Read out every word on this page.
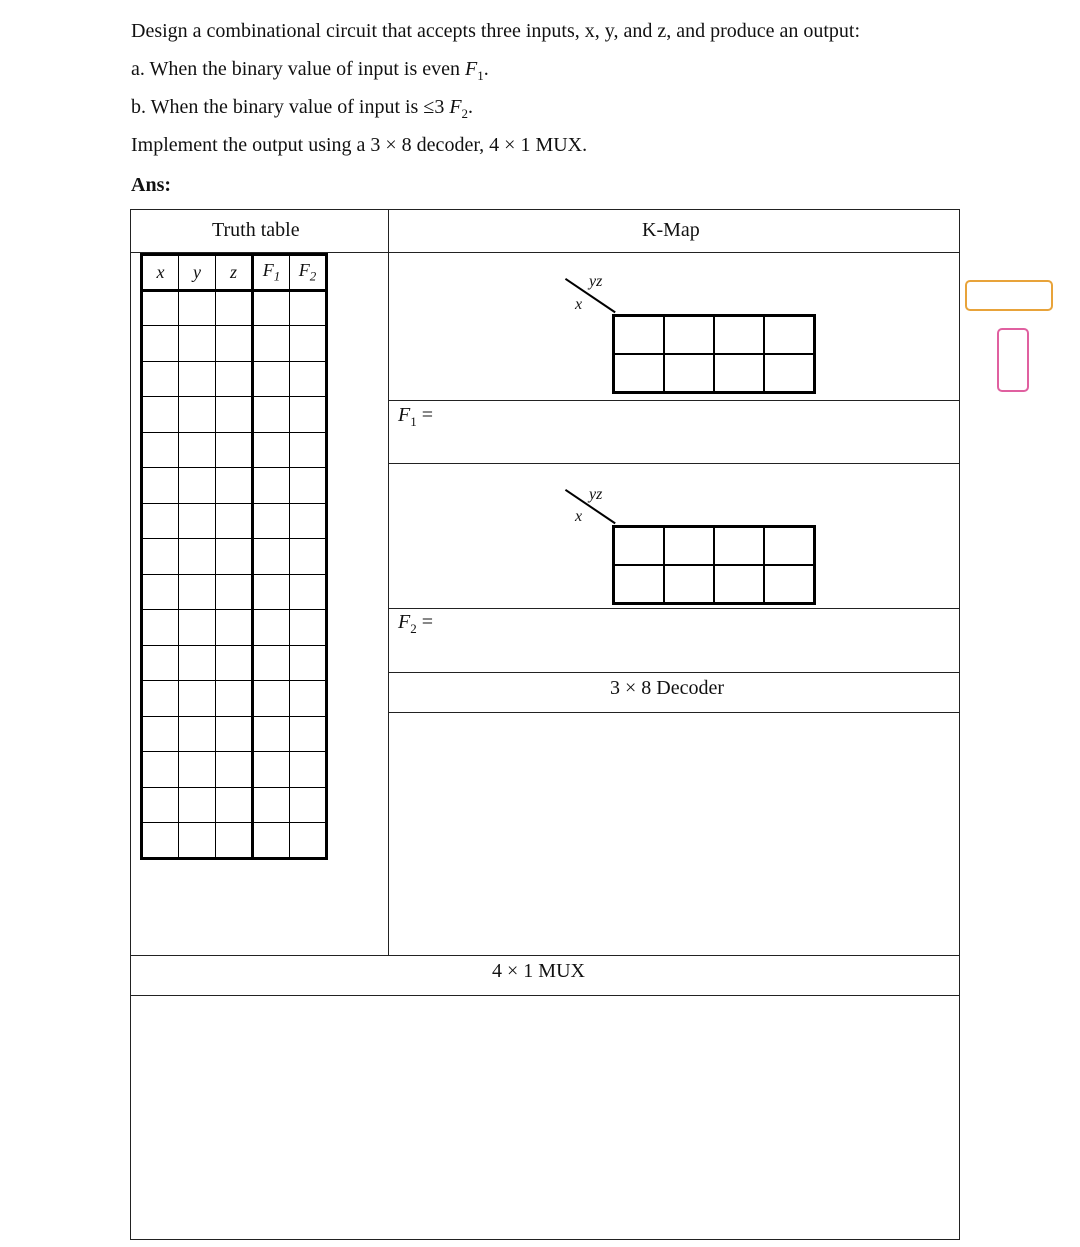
Design a combinational circuit that accepts three inputs, x, y, and z, and produce an output:
a. When the binary value of input is even $F_1$.
b. When the binary value of input is ≤3 $F_2$.
Implement the output using a 3 × 8 decoder, 4 × 1 MUX.
Ans:
Truth table	K-Map
3 × 8 Decoder
4 × 1 MUX
$F_1$ =
$F_2$ =
x	y	z	$F_1$	$F_2$

					yz
x

yz
x
